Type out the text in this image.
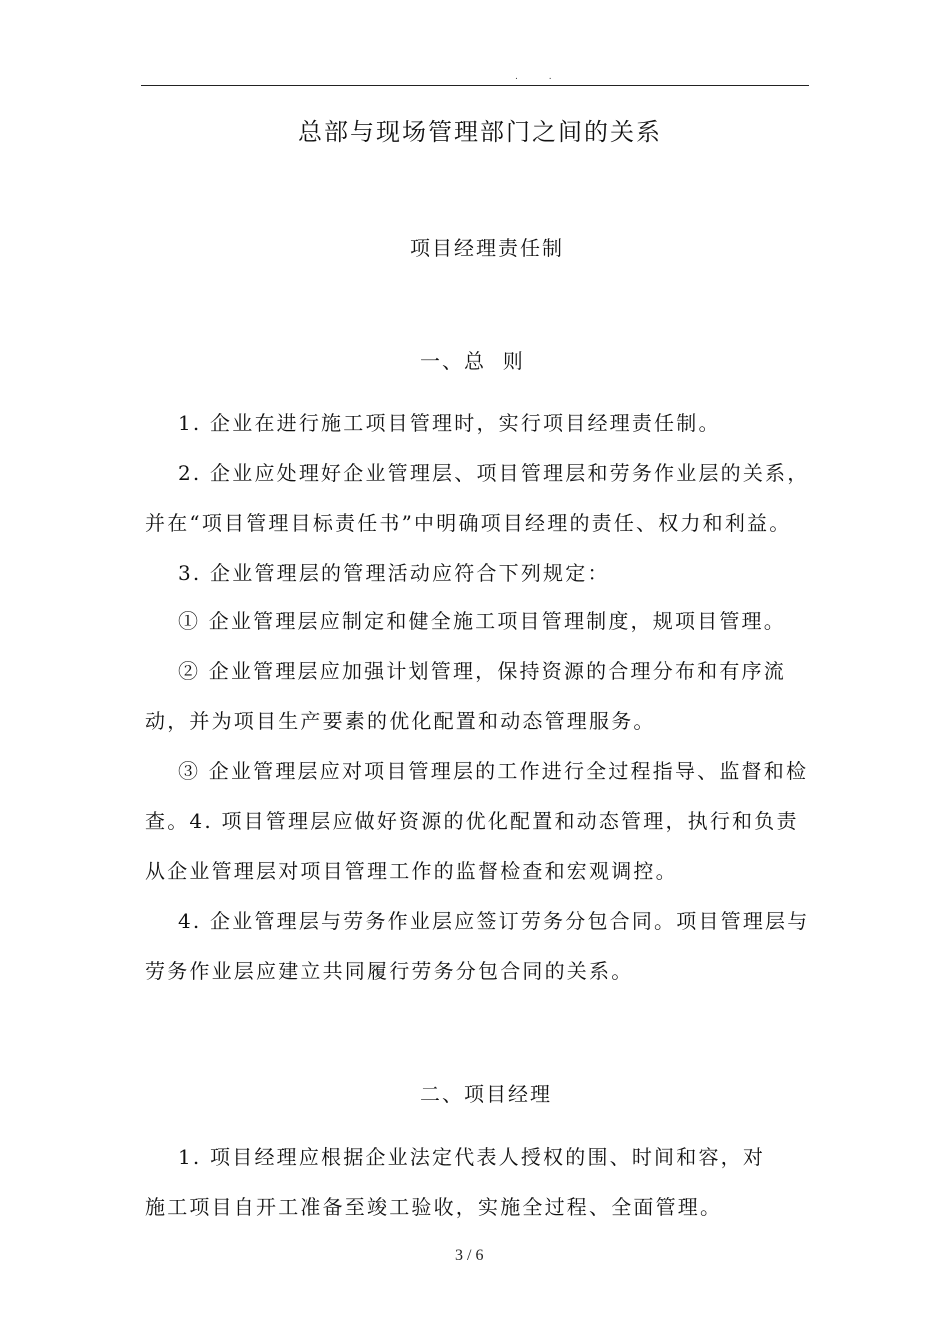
. .
总部与现场管理部门之间的关系
项目经理责任制
一、总  则
1. 企业在进行施工项目管理时，实行项目经理责任制。
2. 企业应处理好企业管理层、项目管理层和劳务作业层的关系，
并在“项目管理目标责任书”中明确项目经理的责任、权力和利益。
3. 企业管理层的管理活动应符合下列规定：
① 企业管理层应制定和健全施工项目管理制度，规项目管理。
② 企业管理层应加强计划管理，保持资源的合理分布和有序流
动，并为项目生产要素的优化配置和动态管理服务。
③ 企业管理层应对项目管理层的工作进行全过程指导、监督和检
查。4. 项目管理层应做好资源的优化配置和动态管理，执行和负责
从企业管理层对项目管理工作的监督检查和宏观调控。
4. 企业管理层与劳务作业层应签订劳务分包合同。项目管理层与
劳务作业层应建立共同履行劳务分包合同的关系。
二、项目经理
1. 项目经理应根据企业法定代表人授权的围、时间和容，对
施工项目自开工准备至竣工验收，实施全过程、全面管理。
3 / 6
